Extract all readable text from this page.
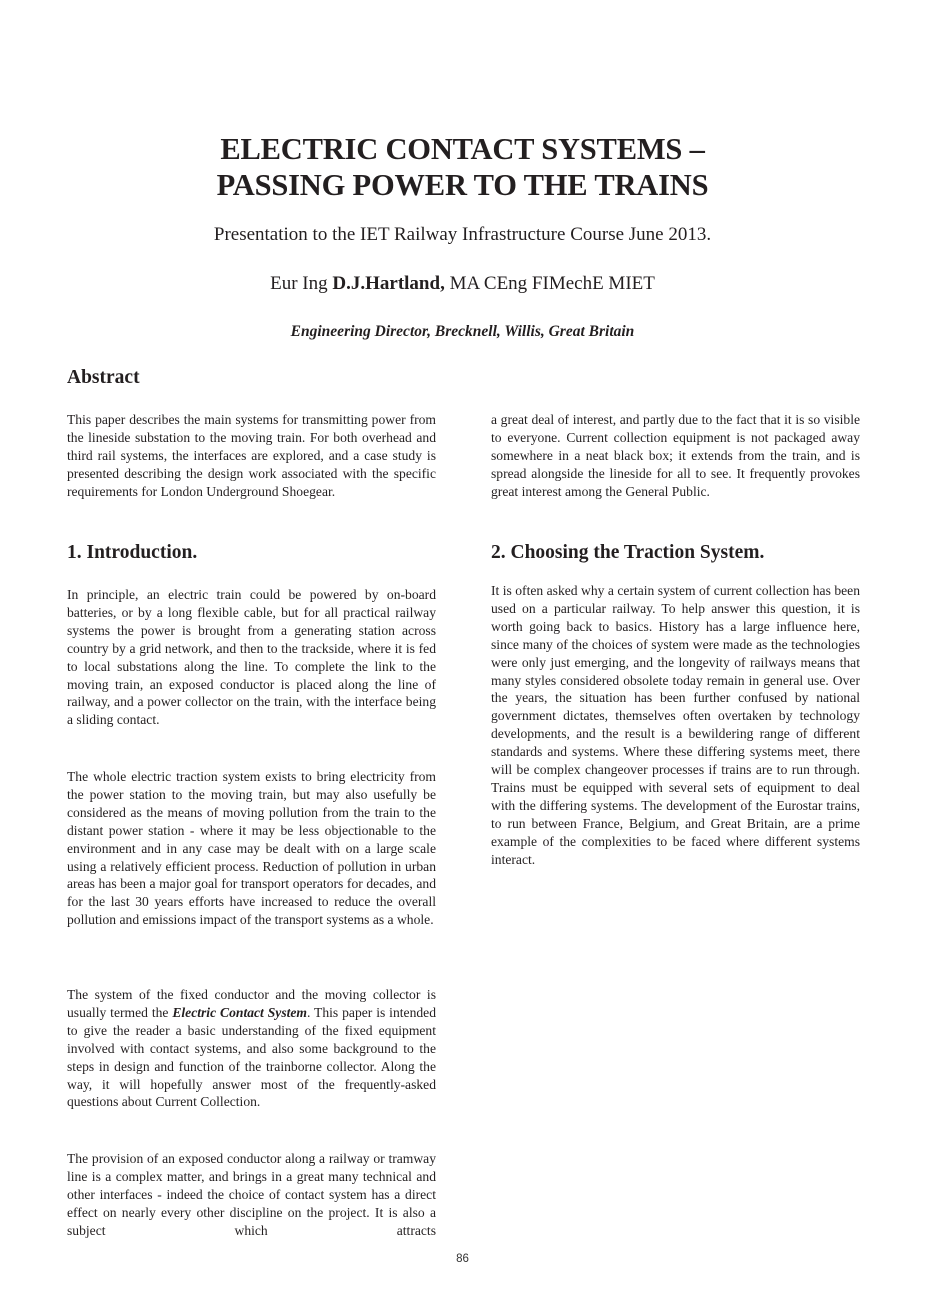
ELECTRIC CONTACT SYSTEMS –
PASSING POWER TO THE TRAINS
Presentation to the IET Railway Infrastructure Course June 2013.
Eur Ing D.J.Hartland, MA CEng FIMechE MIET
Engineering Director, Brecknell, Willis, Great Britain
Abstract

This paper describes the main systems for transmitting power from the lineside substation to the moving train. For both overhead and third rail systems, the interfaces are explored, and a case study is presented describing the design work associated with the specific requirements for London Underground Shoegear.

1. Introduction.

In principle, an electric train could be powered by on-board batteries, or by a long flexible cable, but for all practical railway systems the power is brought from a generating station across country by a grid network, and then to the trackside, where it is fed to local substations along the line. To complete the link to the moving train, an exposed conductor is placed along the line of railway, and a power collector on the train, with the interface being a sliding contact.

The whole electric traction system exists to bring electricity from the power station to the moving train, but may also usefully be considered as the means of moving pollution from the train to the distant power station - where it may be less objectionable to the environment and in any case may be dealt with on a large scale using a relatively efficient process. Reduction of pollution in urban areas has been a major goal for transport operators for decades, and for the last 30 years efforts have increased to reduce the overall pollution and emissions impact of the transport systems as a whole.

The system of the fixed conductor and the moving collector is usually termed the Electric Contact System. This paper is intended to give the reader a basic understanding of the fixed equipment involved with contact systems, and also some background to the steps in design and function of the trainborne collector. Along the way, it will hopefully answer most of the frequently-asked questions about Current Collection.

The provision of an exposed conductor along a railway or tramway line is a complex matter, and brings in a great many technical and other interfaces - indeed the choice of contact system has a direct effect on nearly every other discipline on the project. It is also a subject which attracts

a great deal of interest, and partly due to the fact that it is so visible to everyone. Current collection equipment is not packaged away somewhere in a neat black box; it extends from the train, and is spread alongside the lineside for all to see. It frequently provokes great interest among the General Public.

2. Choosing the Traction System.

It is often asked why a certain system of current collection has been used on a particular railway. To help answer this question, it is worth going back to basics. History has a large influence here, since many of the choices of system were made as the technologies were only just emerging, and the longevity of railways means that many styles considered obsolete today remain in general use. Over the years, the situation has been further confused by national government dictates, themselves often overtaken by technology developments, and the result is a bewildering range of different standards and systems. Where these differing systems meet, there will be complex changeover processes if trains are to run through. Trains must be equipped with several sets of equipment to deal with the differing systems. The development of the Eurostar trains, to run between France, Belgium, and Great Britain, are a prime example of the complexities to be faced where different systems interact.

86
